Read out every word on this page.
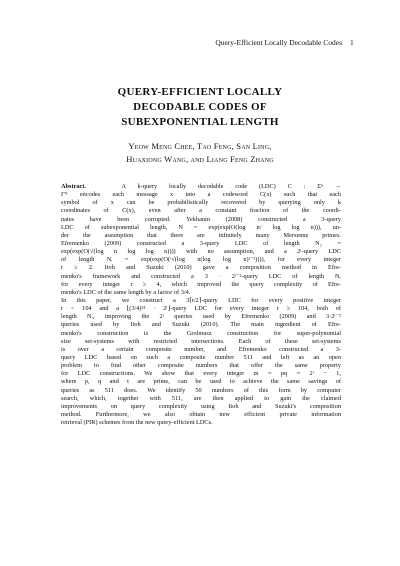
Query-Efficient Locally Decodable Codes 1
QUERY-EFFICIENT LOCALLY
DECODABLE CODES OF
SUBEXPONENTIAL LENGTH
Yeow Meng Chee, Tao Feng, San Ling,
Huaxiong Wang, and Liang Feng Zhang
Abstract.	A k-query locally decodable code (LDC) C : Σⁿ →
Γᴺ encodes each message x into a codeword C(x) such that each
symbol of x can be probabilistically recovered by querying only k
coordinates of C(x), even after a constant fraction of the coordi-
nates have been corrupted. Yekhanin (2008) constructed a 3-query
LDC of subexponential length, N = exp(exp(O(log n/ log log n))), un-
der the assumption that there are infinitely many Mersenne primes.
Efremenko (2009) constructed a 3-query LDC of length N₂ =
exp(exp(O(√(log n log log n)))) with no assumption, and a 2ʳ-query LDC
of length Nᵣ = exp(exp(O(ʳ√(log n(log log n)ʳ⁻¹)))), for every integer
r ≥ 2. Itoh and Suzuki (2010) gave a composition method in Efre-
menko's framework and constructed a 3 · 2ʳ⁻²-query LDC of length Nᵣ
for every integer r ≥ 4, which improved the query complexity of Efre-
menko's LDC of the same length by a factor of 3/4.
In this paper, we construct a 3⌈r/2⌉-query LDC for every positive integer
r < 104 and a ⌊(3/4)⁵¹ · 2ʳ⌋-query LDC for every integer r ≥ 104, both of
length Nᵣ, improving the 2ʳ queries used by Efremenko (2009) and 3·2ʳ⁻²
queries used by Itoh and Suzuki (2010). The main ingredient of Efre-
menko's construction is the Grolmusz construction for super-polynomial
size set-systems with restricted intersections. Each of these set-systems
is over a certain composite number, and Efremenko constructed a 3-
query LDC based on such a composite number 511 and left as an open
problem to find other composite numbers that offer the same property
for LDC constructions. We show that every integer m = pq = 2ᵗ − 1,
where p, q and t are prime, can be used to achieve the same savings of
queries as 511 does. We identify 50 numbers of this form by computer
search, which, together with 511, are then applied to gain the claimed
improvements on query complexity using Itoh and Suzuki's composition
method. Furthermore, we also obtain new efficient private information
retrieval (PIR) schemes from the new query-efficient LDCs.
